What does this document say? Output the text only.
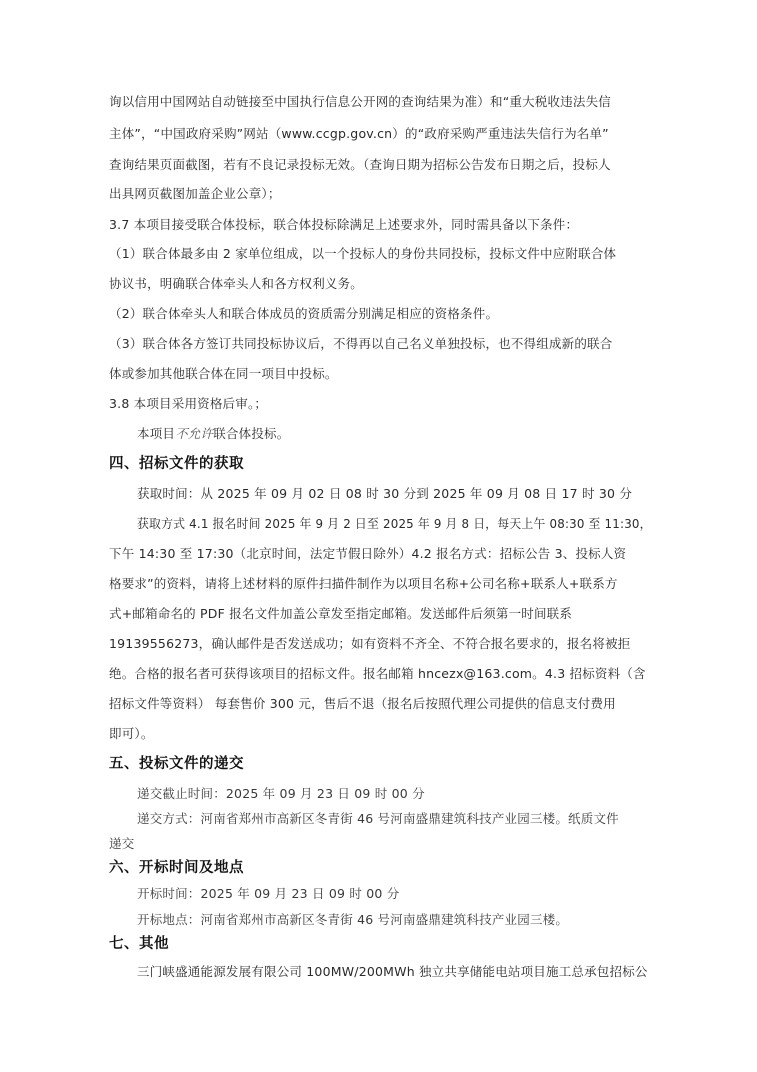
询以信用中国网站自动链接至中国执行信息公开网的查询结果为准）和“重大税收违法失信
主体”，“中国政府采购”网站（www.ccgp.gov.cn）的“政府采购严重违法失信行为名单”
查询结果页面截图，若有不良记录投标无效。（查询日期为招标公告发布日期之后，投标人
出具网页截图加盖企业公章）；
3.7 本项目接受联合体投标，联合体投标除满足上述要求外，同时需具备以下条件：
（1）联合体最多由 2 家单位组成，以一个投标人的身份共同投标，投标文件中应附联合体
协议书，明确联合体牵头人和各方权利义务。
（2）联合体牵头人和联合体成员的资质需分别满足相应的资格条件。
（3）联合体各方签订共同投标协议后，不得再以自己名义单独投标，也不得组成新的联合
体或参加其他联合体在同一项目中投标。
3.8 本项目采用资格后审。；
本项目不允许联合体投标。
四、招标文件的获取
获取时间：从 2025 年 09 月 02 日 08 时 30 分到 2025 年 09 月 08 日 17 时 30 分
获取方式 4.1 报名时间 2025 年 9 月 2 日至 2025 年 9 月 8 日，每天上午 08:30 至 11:30，
下午 14:30 至 17:30（北京时间，法定节假日除外）4.2 报名方式：招标公告 3、投标人资
格要求”的资料，请将上述材料的原件扫描件制作为以项目名称+公司名称+联系人+联系方
式+邮箱命名的 PDF 报名文件加盖公章发至指定邮箱。发送邮件后须第一时间联系
19139556273，确认邮件是否发送成功；如有资料不齐全、不符合报名要求的，报名将被拒
绝。合格的报名者可获得该项目的招标文件。报名邮箱 hncezx@163.com。4.3 招标资料（含
招标文件等资料） 每套售价 300 元，售后不退（报名后按照代理公司提供的信息支付费用
即可）。
五、投标文件的递交
递交截止时间：2025 年 09 月 23 日 09 时 00 分
递交方式：河南省郑州市高新区冬青街 46 号河南盛鼎建筑科技产业园三楼。纸质文件
递交
六、开标时间及地点
开标时间：2025 年 09 月 23 日 09 时 00 分
开标地点：河南省郑州市高新区冬青街 46 号河南盛鼎建筑科技产业园三楼。
七、其他
三门峡盛通能源发展有限公司 100MW/200MWh 独立共享储能电站项目施工总承包招标公
